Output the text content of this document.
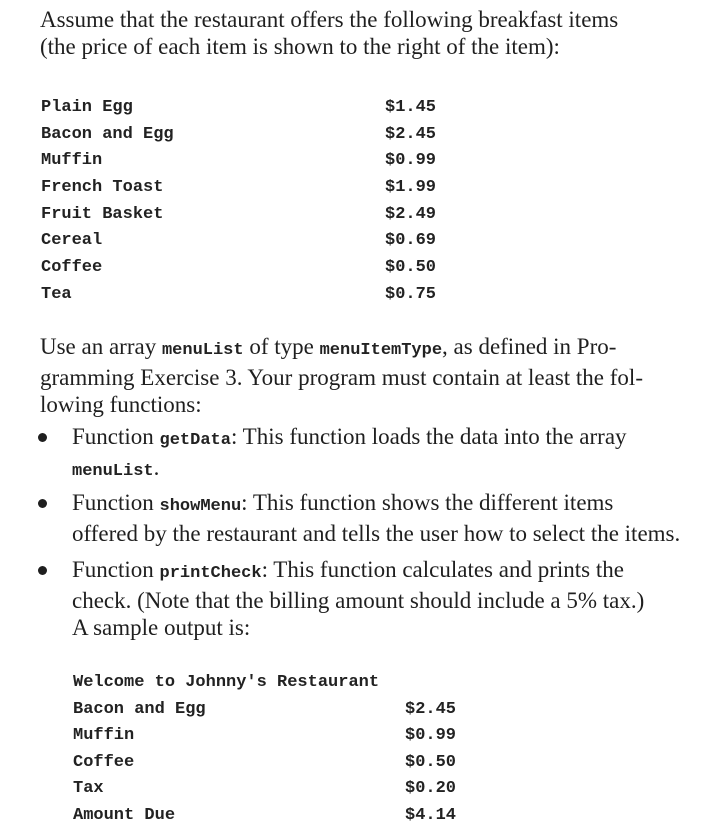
Assume that the restaurant offers the following breakfast items
(the price of each item is shown to the right of the item):
Plain Egg	$1.45
Bacon and Egg	$2.45
Muffin	$0.99
French Toast	$1.99
Fruit Basket	$2.49
Cereal	$0.69
Coffee	$0.50
Tea	$0.75
Use an array menuList of type menuItemType, as defined in Pro-
gramming Exercise 3. Your program must contain at least the fol-
lowing functions:
Function getData: This function loads the data into the array
menuList.
Function showMenu: This function shows the different items
offered by the restaurant and tells the user how to select the items.
Function printCheck: This function calculates and prints the
check. (Note that the billing amount should include a 5% tax.)
A sample output is:
Welcome to Johnny's Restaurant
Bacon and Egg	$2.45
Muffin	$0.99
Coffee	$0.50
Tax	$0.20
Amount Due	$4.14
